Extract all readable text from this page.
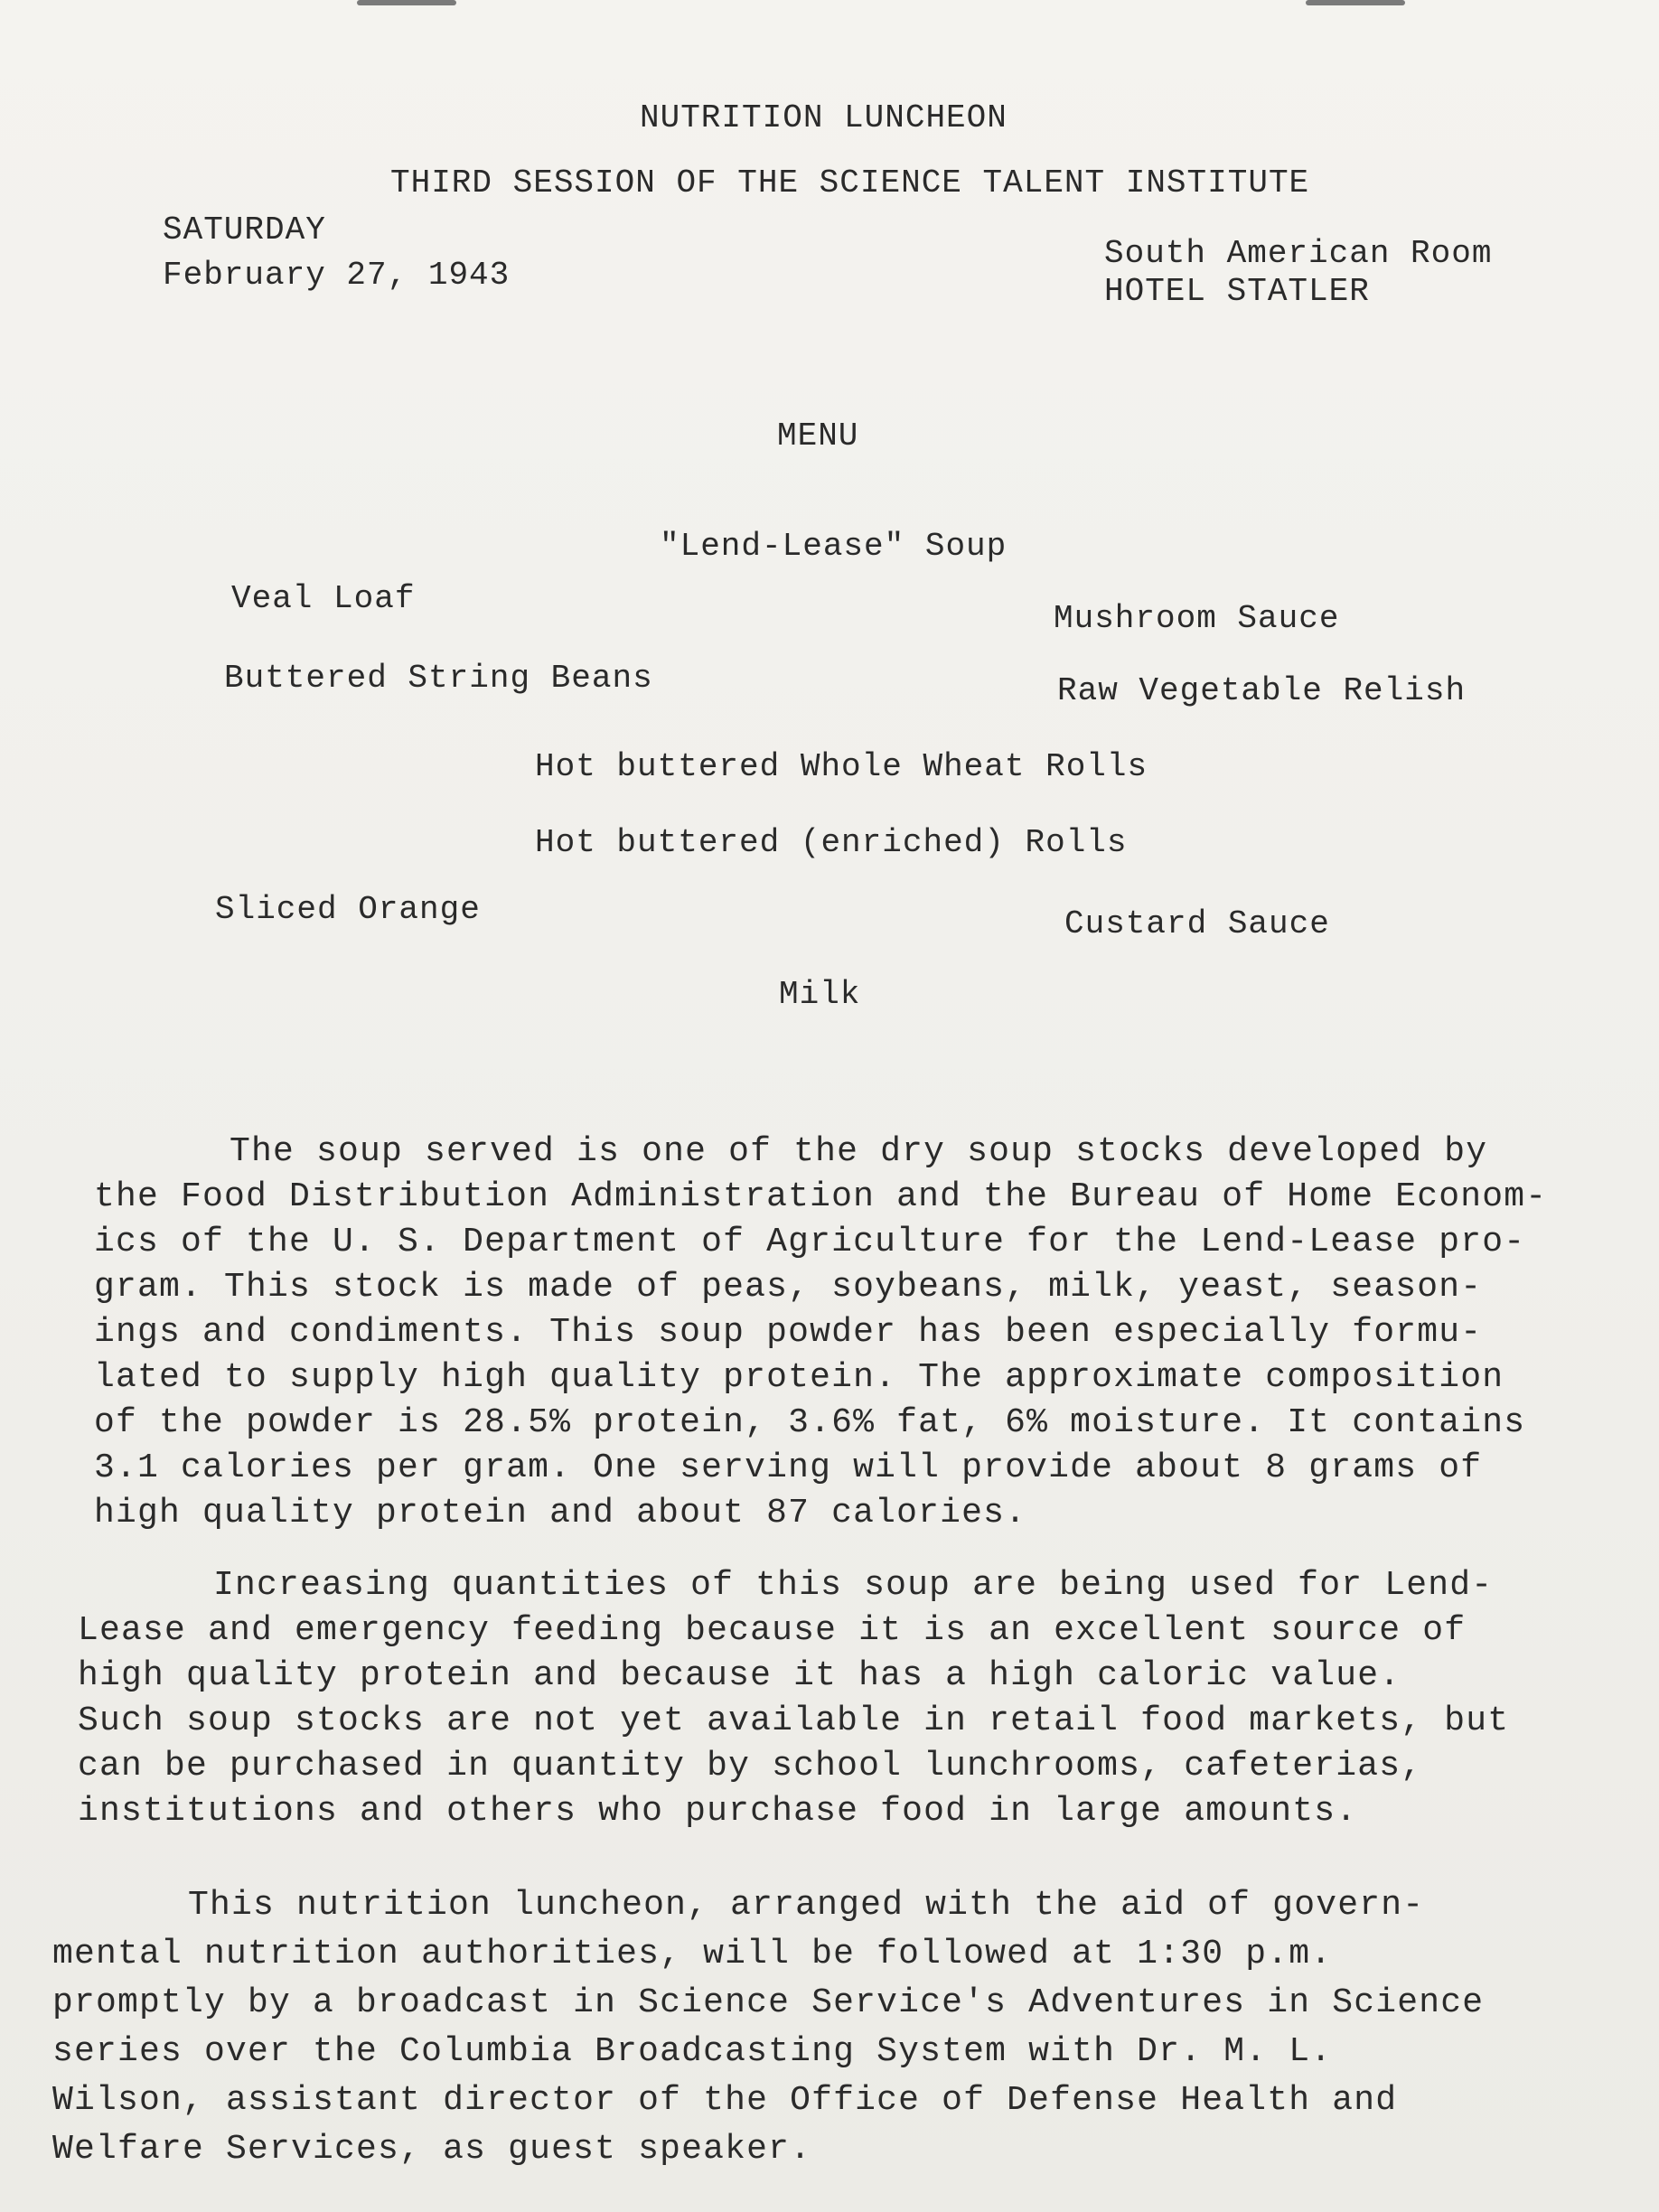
NUTRITION LUNCHEON
THIRD SESSION OF THE SCIENCE TALENT INSTITUTE
SATURDAY
February 27, 1943
South American Room
HOTEL STATLER
MENU
"Lend-Lease" Soup
Veal Loaf
Mushroom Sauce
Buttered String Beans	Raw Vegetable Relish
Hot buttered Whole Wheat Rolls
Hot buttered (enriched) Rolls
Sliced Orange	Custard Sauce
Milk
The soup served is one of the dry soup stocks developed by
the Food Distribution Administration and the Bureau of Home Econom-
ics of the U. S. Department of Agriculture for the Lend-Lease pro-
gram. This stock is made of peas, soybeans, milk, yeast, season-
ings and condiments. This soup powder has been especially formu-
lated to supply high quality protein. The approximate composition
of the powder is 28.5% protein, 3.6% fat, 6% moisture. It contains
3.1 calories per gram. One serving will provide about 8 grams of
high quality protein and about 87 calories.
Increasing quantities of this soup are being used for Lend-
Lease and emergency feeding because it is an excellent source of
high quality protein and because it has a high caloric value.
Such soup stocks are not yet available in retail food markets, but
can be purchased in quantity by school lunchrooms, cafeterias,
institutions and others who purchase food in large amounts.
This nutrition luncheon, arranged with the aid of govern-
mental nutrition authorities, will be followed at 1:30 p.m.
promptly by a broadcast in Science Service's Adventures in Science
series over the Columbia Broadcasting System with Dr. M. L.
Wilson, assistant director of the Office of Defense Health and
Welfare Services, as guest speaker.
